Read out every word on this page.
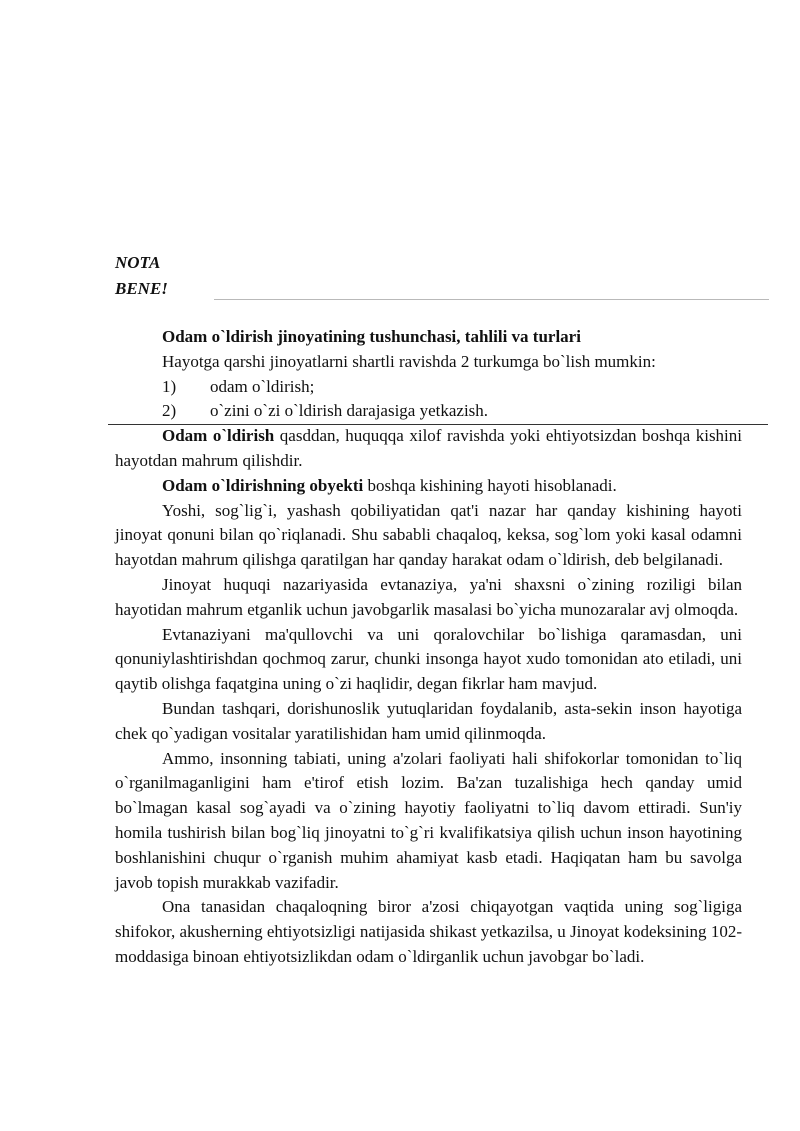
NOTA
BENE!
Odam o`ldirish jinoyatining tushunchasi, tahlili va turlari

Hayotga qarshi jinoyatlarni shartli ravishda 2 turkumga bo`lish mumkin:

1)	odam o`ldirish;
2)	o`zini o`zi o`ldirish darajasiga yetkazish.

Odam o`ldirish qasddan, huquqqa xilof ravishda yoki ehtiyotsizdan boshqa kishini hayotdan mahrum qilishdir.

Odam o`ldirishning obyekti boshqa kishining hayoti hisoblanadi.

Yoshi, sog`lig`i, yashash qobiliyatidan qat'i nazar har qanday kishining hayoti jinoyat qonuni bilan qo`riqlanadi. Shu sababli chaqaloq, keksa, sog`lom yoki kasal odamni hayotdan mahrum qilishga qaratilgan har qanday harakat odam o`ldirish, deb belgilanadi.

Jinoyat huquqi nazariyasida evtanaziya, ya'ni shaxsni o`zining roziligi bilan hayotidan mahrum etganlik uchun javobgarlik masalasi bo`yicha munozaralar avj olmoqda.

Evtanaziyani ma'qullovchi va uni qoralovchilar bo`lishiga qaramasdan, uni qonuniylashtirishdan qochmoq zarur, chunki insonga hayot xudo tomonidan ato etiladi, uni qaytib olishga faqatgina uning o`zi haqlidir, degan fikrlar ham mavjud.

Bundan tashqari, dorishunoslik yutuqlaridan foydalanib, asta-sekin inson hayotiga chek qo`yadigan vositalar yaratilishidan ham umid qilinmoqda.

Ammo, insonning tabiati, uning a'zolari faoliyati hali shifokorlar tomonidan to`liq o`rganilmaganligini ham e'tirof etish lozim. Ba'zan tuzalishiga hech qanday umid bo`lmagan kasal sog`ayadi va o`zining hayotiy faoliyatni to`liq davom ettiradi. Sun'iy homila tushirish bilan bog`liq jinoyatni to`g`ri kvalifikatsiya qilish uchun inson hayotining boshlanishini chuqur o`rganish muhim ahamiyat kasb etadi. Haqiqatan ham bu savolga javob topish murakkab vazifadir.

Ona tanasidan chaqaloqning biror a'zosi chiqayotgan vaqtida uning sog`ligiga shifokor, akusherning ehtiyotsizligi natijasida shikast yetkazilsa, u Jinoyat kodeksining 102-moddasiga binoan ehtiyotsizlikdan odam o`ldirganlik uchun javobgar bo`ladi.
